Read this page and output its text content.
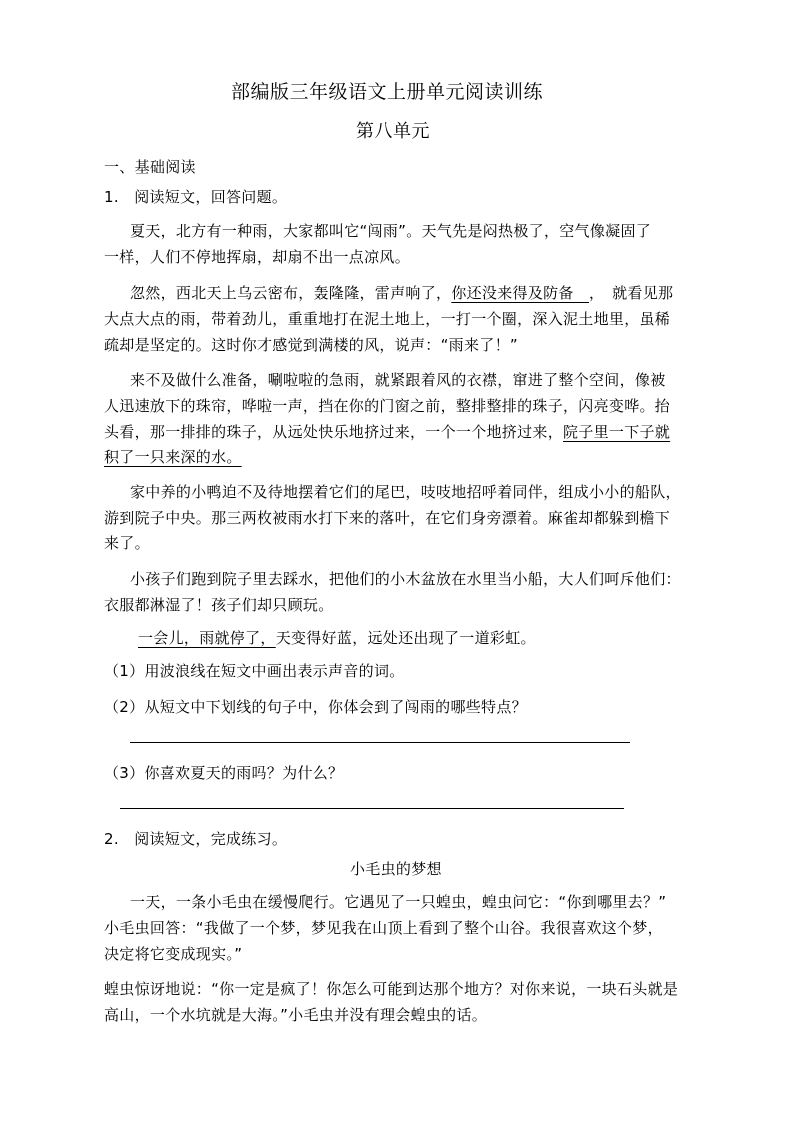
部编版三年级语文上册单元阅读训练
第八单元
一、基础阅读
1.　阅读短文，回答问题。
夏天，北方有一种雨，大家都叫它“闯雨”。天气先是闷热极了，空气像凝固了
一样，人们不停地挥扇，却扇不出一点凉风。
忽然，西北天上乌云密布，轰隆隆，雷声响了，你还没来得及防备　，　就看见那
大点大点的雨，带着劲儿，重重地打在泥土地上，一打一个圈，深入泥土地里，虽稀
疏却是坚定的。这时你才感觉到满楼的风，说声：“雨来了！”
来不及做什么准备，唰啦啦的急雨，就紧跟着风的衣襟，窜进了整个空间，像被
人迅速放下的珠帘，哗啦一声，挡在你的门窗之前，整排整排的珠子，闪亮变哗。抬
头看，那一排排的珠子，从远处快乐地挤过来，一个一个地挤过来，院子里一下子就
积了一只来深的水。
家中养的小鸭迫不及待地摆着它们的尾巴，吱吱地招呼着同伴，组成小小的船队，
游到院子中央。那三两枚被雨水打下来的落叶，在它们身旁漂着。麻雀却都躲到檐下
来了。
小孩子们跑到院子里去踩水，把他们的小木盆放在水里当小船，大人们呵斥他们：
衣服都淋湿了！孩子们却只顾玩。
一会儿，雨就停了，天变得好蓝，远处还出现了一道彩虹。
（1）用波浪线在短文中画出表示声音的词。
（2）从短文中下划线的句子中，你体会到了闯雨的哪些特点？
（3）你喜欢夏天的雨吗？为什么？
2.　阅读短文，完成练习。
小毛虫的梦想
一天，一条小毛虫在缓慢爬行。它遇见了一只蝗虫，蝗虫问它：“你到哪里去？”
小毛虫回答：“我做了一个梦，梦见我在山顶上看到了整个山谷。我很喜欢这个梦，
决定将它变成现实。”
蝗虫惊讶地说：“你一定是疯了！你怎么可能到达那个地方？对你来说，一块石头就是
高山，一个水坑就是大海。”小毛虫并没有理会蝗虫的话。
